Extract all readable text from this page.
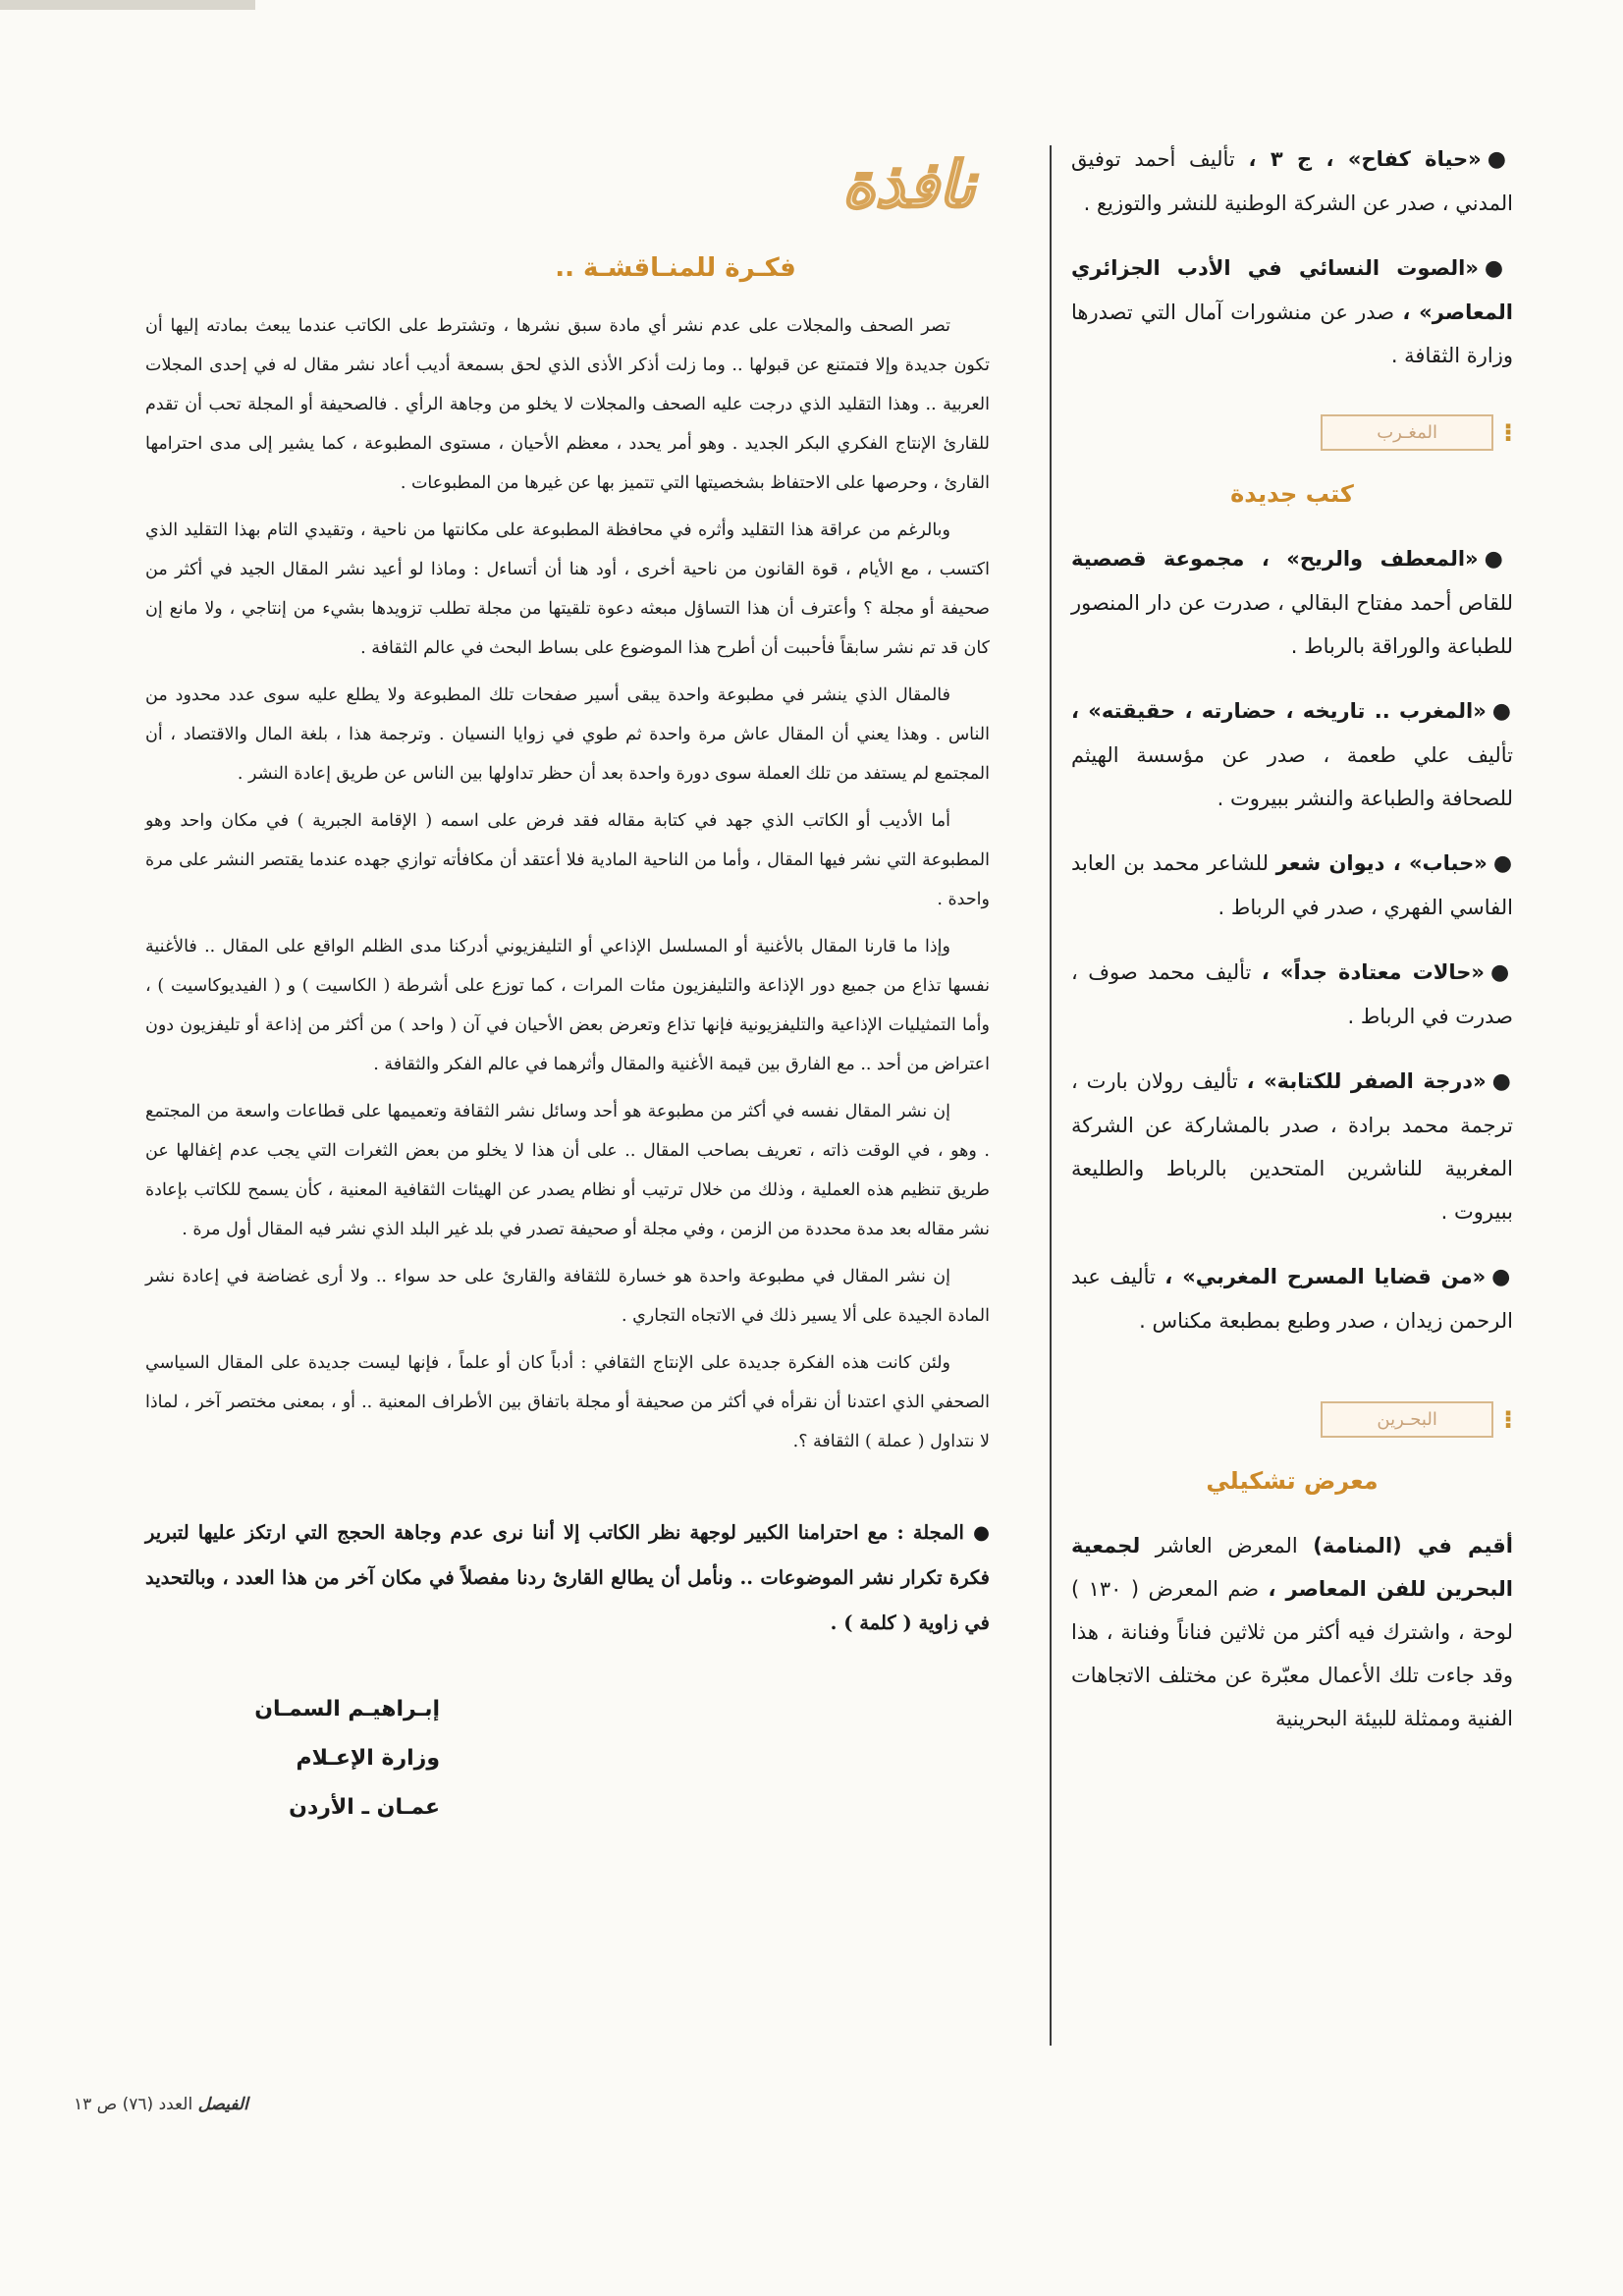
●«حياة كفاح» ، ج ٣ ، تأليف أحمد توفيق المدني ، صدر عن الشركة الوطنية للنشر والتوزيع .

●«الصوت النسائي في الأدب الجزائري المعاصر» ، صدر عن منشورات آمال التي تصدرها وزارة الثقافة .

⁝
المغـرب
كتب جديدة

●«المعطف والريح» ، مجموعة قصصية للقاص أحمد مفتاح البقالي ، صدرت عن دار المنصور للطباعة والوراقة بالرباط .

●«المغرب .. تاريخه ، حضارته ، حقيقته» ، تأليف علي طعمة ، صدر عن مؤسسة الهيثم للصحافة والطباعة والنشر ببيروت .

●«حباب» ، ديوان شعر للشاعر محمد بن العابد الفاسي الفهري ، صدر في الرباط .

●«حالات معتادة جداً» ، تأليف محمد صوف ، صدرت في الرباط .

●«درجة الصفر للكتابة» ، تأليف رولان بارت ، ترجمة محمد برادة ، صدر بالمشاركة عن الشركة المغربية للناشرين المتحدين بالرباط والطليعة ببيروت .

●«من قضايا المسرح المغربي» ، تأليف عبد الرحمن زيدان ، صدر وطبع بمطبعة مكناس .

⁝
البحـرين
معرض تشكيلي

أقيم في (المنامة) المعرض العاشر لجمعية البحرين للفن المعاصر ، ضم المعرض ( ١٣٠ ) لوحة ، واشترك فيه أكثر من ثلاثين فناناً وفنانة ، هذا وقد جاءت تلك الأعمال معبّرة عن مختلف الاتجاهات الفنية وممثلة للبيئة البحرينية

نافذة
فكـرة للمنـاقشـة ..

تصر الصحف والمجلات على عدم نشر أي مادة سبق نشرها ، وتشترط على الكاتب عندما يبعث بمادته إليها أن تكون جديدة وإلا فتمتنع عن قبولها .. وما زلت أذكر الأذى الذي لحق بسمعة أديب أعاد نشر مقال له في إحدى المجلات العربية .. وهذا التقليد الذي درجت عليه الصحف والمجلات لا يخلو من وجاهة الرأي . فالصحيفة أو المجلة تحب أن تقدم للقارئ الإنتاج الفكري البكر الجديد . وهو أمر يحدد ، معظم الأحيان ، مستوى المطبوعة ، كما يشير إلى مدى احترامها القارئ ، وحرصها على الاحتفاظ بشخصيتها التي تتميز بها عن غيرها من المطبوعات .

وبالرغم من عراقة هذا التقليد وأثره في محافظة المطبوعة على مكانتها من ناحية ، وتقيدي التام بهذا التقليد الذي اكتسب ، مع الأيام ، قوة القانون من ناحية أخرى ، أود هنا أن أتساءل : وماذا لو أعيد نشر المقال الجيد في أكثر من صحيفة أو مجلة ؟ وأعترف أن هذا التساؤل مبعثه دعوة تلقيتها من مجلة تطلب تزويدها بشيء من إنتاجي ، ولا مانع إن كان قد تم نشر سابقاً فأحببت أن أطرح هذا الموضوع على بساط البحث في عالم الثقافة .

فالمقال الذي ينشر في مطبوعة واحدة يبقى أسير صفحات تلك المطبوعة ولا يطلع عليه سوى عدد محدود من الناس . وهذا يعني أن المقال عاش مرة واحدة ثم طوي في زوايا النسيان . وترجمة هذا ، بلغة المال والاقتصاد ، أن المجتمع لم يستفد من تلك العملة سوى دورة واحدة بعد أن حظر تداولها بين الناس عن طريق إعادة النشر .

أما الأديب أو الكاتب الذي جهد في كتابة مقاله فقد فرض على اسمه ( الإقامة الجبرية ) في مكان واحد وهو المطبوعة التي نشر فيها المقال ، وأما من الناحية المادية فلا أعتقد أن مكافأته توازي جهده عندما يقتصر النشر على مرة واحدة .

وإذا ما قارنا المقال بالأغنية أو المسلسل الإذاعي أو التليفزيوني أدركنا مدى الظلم الواقع على المقال .. فالأغنية نفسها تذاع من جميع دور الإذاعة والتليفزيون مئات المرات ، كما توزع على أشرطة ( الكاسيت ) و ( الفيديوكاسيت ) ، وأما التمثيليات الإذاعية والتليفزيونية فإنها تذاع وتعرض بعض الأحيان في آن ( واحد ) من أكثر من إذاعة أو تليفزيون دون اعتراض من أحد .. مع الفارق بين قيمة الأغنية والمقال وأثرهما في عالم الفكر والثقافة .

إن نشر المقال نفسه في أكثر من مطبوعة هو أحد وسائل نشر الثقافة وتعميمها على قطاعات واسعة من المجتمع . وهو ، في الوقت ذاته ، تعريف بصاحب المقال .. على أن هذا لا يخلو من بعض الثغرات التي يجب عدم إغفالها عن طريق تنظيم هذه العملية ، وذلك من خلال ترتيب أو نظام يصدر عن الهيئات الثقافية المعنية ، كأن يسمح للكاتب بإعادة نشر مقاله بعد مدة محددة من الزمن ، وفي مجلة أو صحيفة تصدر في بلد غير البلد الذي نشر فيه المقال أول مرة .

إن نشر المقال في مطبوعة واحدة هو خسارة للثقافة والقارئ على حد سواء .. ولا أرى غضاضة في إعادة نشر المادة الجيدة على ألا يسير ذلك في الاتجاه التجاري .

ولئن كانت هذه الفكرة جديدة على الإنتاج الثقافي : أدباً كان أو علماً ، فإنها ليست جديدة على المقال السياسي الصحفي الذي اعتدنا أن نقرأه في أكثر من صحيفة أو مجلة باتفاق بين الأطراف المعنية .. أو ، بمعنى مختصر آخر ، لماذا لا نتداول ( عملة ) الثقافة ؟.

● المجلة : مع احترامنا الكبير لوجهة نظر الكاتب إلا أننا نرى عدم وجاهة الحجج التي ارتكز عليها لتبرير فكرة تكرار نشر الموضوعات .. ونأمل أن يطالع القارئ ردنا مفصلاً في مكان آخر من هذا العدد ، وبالتحديد في زاوية ( كلمة ) .

إبـراهيـم السمـان
وزارة الإعـلام
عمـان ـ الأردن
الفيصل العدد (٧٦) ص ١٣
